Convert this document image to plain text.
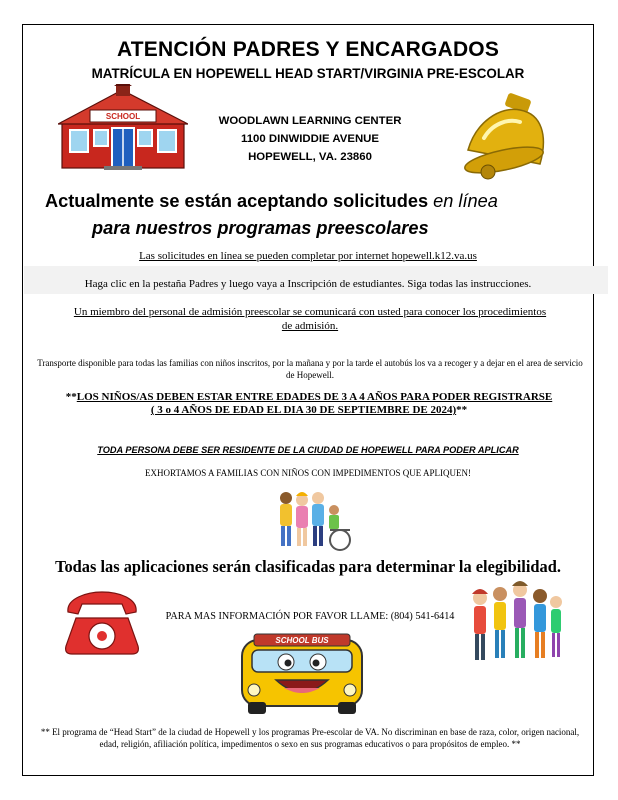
ATENCIÓN PADRES Y ENCARGADOS
MATRÍCULA EN HOPEWELL HEAD START/VIRGINIA PRE-ESCOLAR
SCHOOL	WOODLAWN LEARNING CENTER
1100 DINWIDDIE AVENUE
HOPEWELL, VA. 23860
Actualmente se están aceptando solicitudes en línea
para nuestros programas preescolares
Las solicitudes en línea se pueden completar por internet hopewell.k12.va.us
Haga clic en la pestaña Padres y luego vaya a Inscripción de estudiantes. Siga todas las instrucciones.
Un miembro del personal de admisión preescolar se comunicará con usted para conocer los procedimientos de admisión.
Transporte disponible para todas las familias con niños inscritos, por la mañana y por la tarde el autobús los va a recoger y a dejar en el area de servicio de Hopewell.
**LOS NIÑOS/AS DEBEN ESTAR ENTRE EDADES DE 3 A 4 AÑOS PARA PODER REGISTRARSE
( 3 o 4 AÑOS DE EDAD EL DIA 30 DE SEPTIEMBRE DE 2024)**
TODA PERSONA DEBE SER RESIDENTE DE LA CIUDAD DE HOPEWELL PARA PODER APLICAR
EXHORTAMOS A FAMILIAS CON NIÑOS CON IMPEDIMENTOS QUE APLIQUEN!
Todas las aplicaciones serán clasificadas para determinar la elegibilidad.
PARA MAS INFORMACIÓN POR FAVOR LLAME: (804) 541-6414
SCHOOL BUS
** El programa de “Head Start” de la ciudad de Hopewell y los programas Pre-escolar de VA. No discriminan en base de raza, color, origen nacional, edad, religión, afiliación política, impedimentos o sexo en sus programas educativos o para propósitos de empleo. **
